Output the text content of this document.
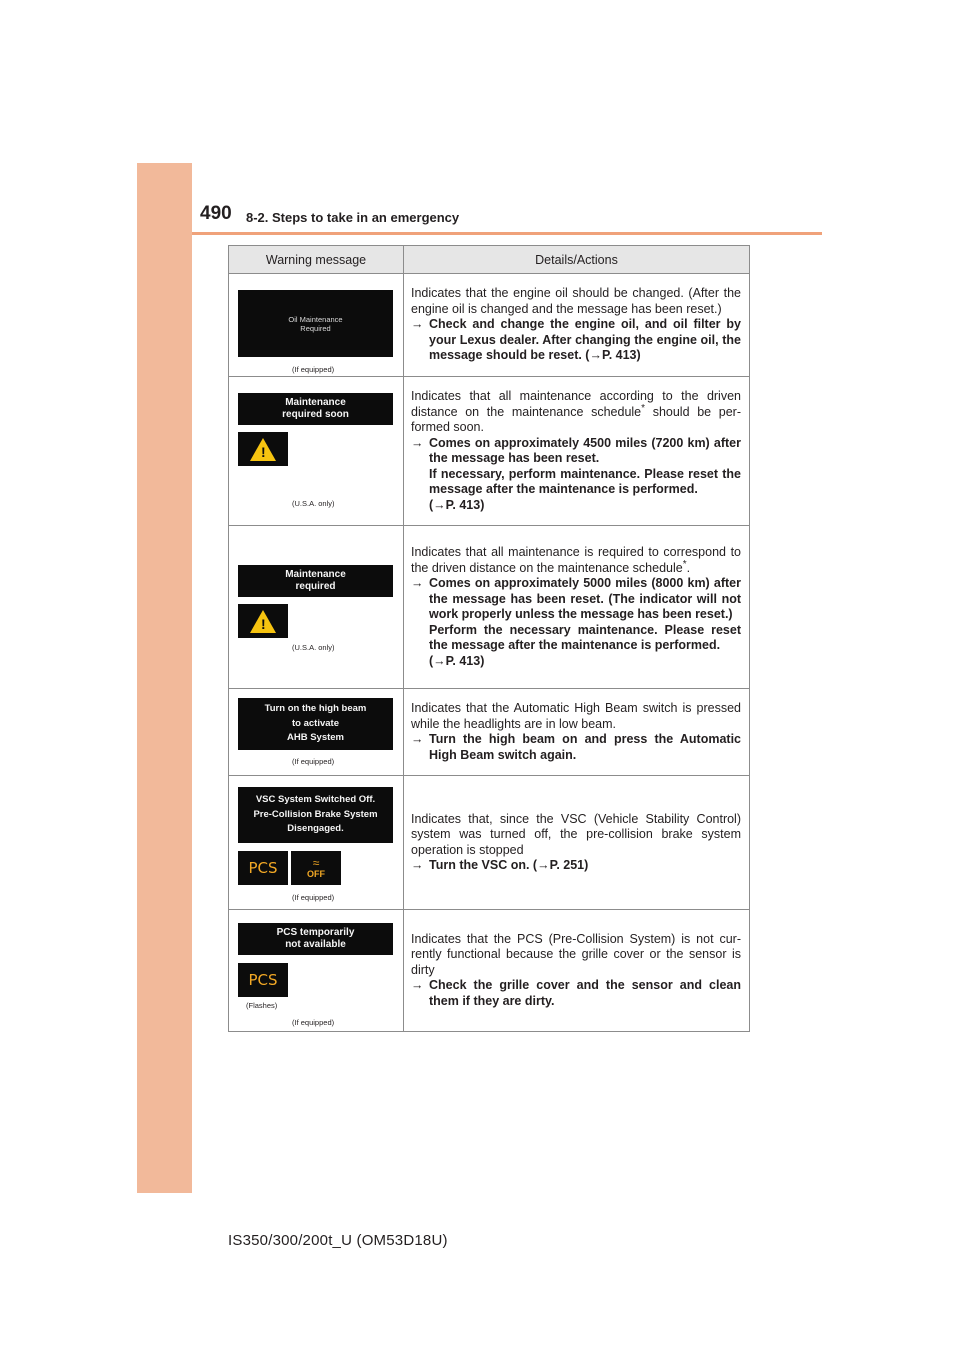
490 8-2. Steps to take in an emergency
Warning message	Details/Actions
Oil Maintenance
Required
(If equipped)

Indicates that the engine oil should be changed. (After the engine oil is changed and the message has been reset.)

→ Check and change the engine oil, and oil filter by your Lexus dealer. After changing the engine oil, the message should be reset. (→P. 413)
Maintenance
required soon
!
(U.S.A. only)

Indicates that all maintenance according to the driven distance on the maintenance schedule* should be per-formed soon.

→ Comes on approximately 4500 miles (7200 km) after the message has been reset.
If necessary, perform maintenance. Please reset the message after the maintenance is performed.
(→P. 413)
Maintenance
required
!
(U.S.A. only)

Indicates that all maintenance is required to correspond to the driven distance on the maintenance schedule*.

→ Comes on approximately 5000 miles (8000 km) after the message has been reset. (The indicator will not work properly unless the message has been reset.)
Perform the necessary maintenance. Please reset the message after the maintenance is performed.
(→P. 413)
Turn on the high beam
to activate
AHB System
(If equipped)

Indicates that the Automatic High Beam switch is pressed while the headlights are in low beam.

→ Turn the high beam on and press the Automatic High Beam switch again.
VSC System Switched Off.
Pre-Collision Brake System
Disengaged.
PCS	≈
OFF
(If equipped)

Indicates that, since the VSC (Vehicle Stability Control) system was turned off, the pre-collision brake system operation is stopped

→ Turn the VSC on. (→P. 251)
PCS temporarily
not available
PCS
(Flashes)
(If equipped)

Indicates that the PCS (Pre-Collision System) is not cur-rently functional because the grille cover or the sensor is dirty

→ Check the grille cover and the sensor and clean them if they are dirty.
IS350/300/200t_U (OM53D18U)
